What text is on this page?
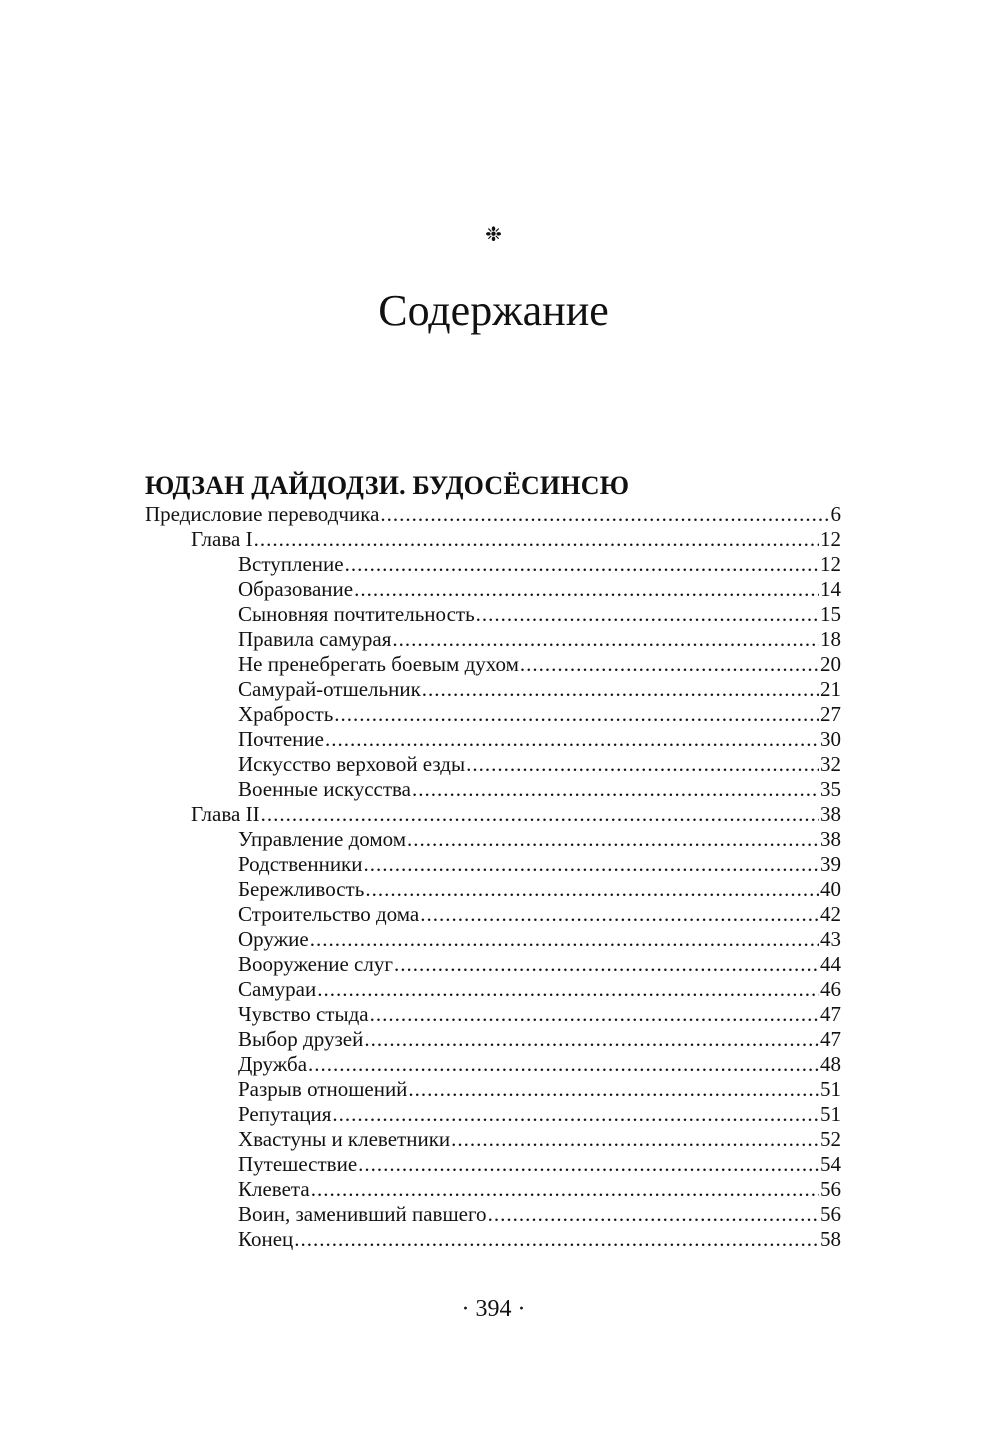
❉
Содержание
ЮДЗАН ДАЙДОДЗИ. БУДОСЁСИНСЮ
Предисловие переводчика .....	6
Глава I .....	12
Вступление .....	12
Образование .....	14
Сыновняя почтительность .....	15
Правила самурая .....	18
Не пренебрегать боевым духом .....	20
Самурай-отшельник .....	21
Храбрость .....	27
Почтение .....	30
Искусство верховой езды .....	32
Военные искусства .....	35
Глава II .....	38
Управление домом .....	38
Родственники .....	39
Бережливость .....	40
Строительство дома .....	42
Оружие .....	43
Вооружение слуг .....	44
Самураи .....	46
Чувство стыда .....	47
Выбор друзей .....	47
Дружба .....	48
Разрыв отношений .....	51
Репутация .....	51
Хвастуны и клеветники .....	52
Путешествие .....	54
Клевета .....	56
Воин, заменивший павшего .....	56
Конец .....	58
· 394 ·
